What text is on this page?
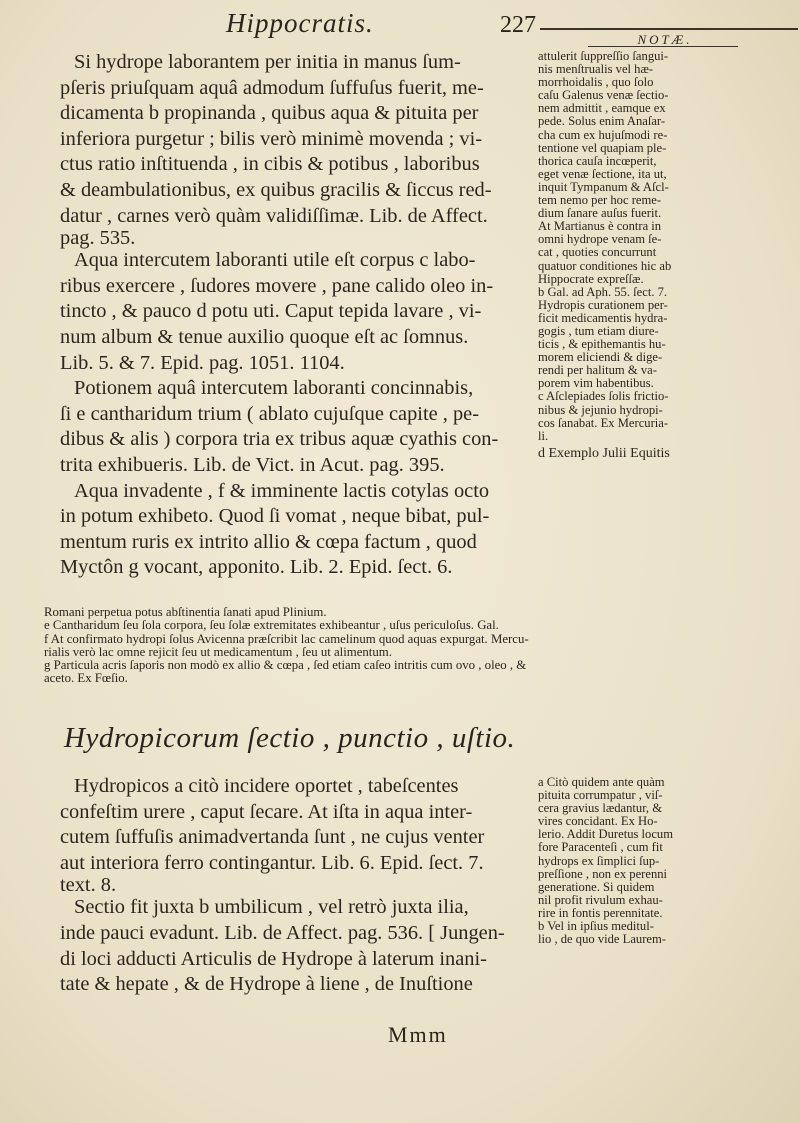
Hippocratis.	227
NOTÆ.
Si hydrope laborantem per initia in manus ſum-
pſeris priuſquam aquâ admodum ſuffuſus fuerit, me-
dicamenta b propinanda , quibus aqua & pituita per
inferiora purgetur ; bilis verò minimè movenda ; vi-
ctus ratio inſtituenda , in cibis & potibus , laboribus
& deambulationibus, ex quibus gracilis & ſiccus red-
datur , carnes verò quàm validiſſimæ. Lib. de Affect.
pag. 535.
Aqua intercutem laboranti utile eſt corpus c labo-
ribus exercere , ſudores movere , pane calido oleo in-
tincto , & pauco d potu uti. Caput tepida lavare , vi-
num album & tenue auxilio quoque eſt ac ſomnus.
Lib. 5. & 7. Epid. pag. 1051. 1104.
Potionem aquâ intercutem laboranti concinnabis,
ſi e cantharidum trium ( ablato cujuſque capite , pe-
dibus & alis ) corpora tria ex tribus aquæ cyathis con-
trita exhibueris. Lib. de Vict. in Acut. pag. 395.
Aqua invadente , f & imminente lactis cotylas octo
in potum exhibeto. Quod ſi vomat , neque bibat, pul-
mentum ruris ex intrito allio & cœpa factum , quod
Myctôn g vocant, apponito. Lib. 2. Epid. ſect. 6.
attulerit ſuppreſſio ſangui-
nis menſtrualis vel hæ-
morrhoidalis , quo ſolo
caſu Galenus venæ ſectio-
nem admittit , eamque ex
pede. Solus enim Anaſar-
cha cum ex hujuſmodi re-
tentione vel quapiam ple-
thorica cauſa incœperit,
eget venæ ſectione, ita ut,
inquit Tympanum & Aſcl-
tem nemo per hoc reme-
dium ſanare auſus fuerit.
At Martianus è contra in
omni hydrope venam ſe-
cat , quoties concurrunt
quatuor conditiones hic ab
Hippocrate expreſſæ.
b Gal. ad Aph. 55. ſect. 7.
Hydropis curationem per-
ficit medicamentis hydra-
gogis , tum etiam diure-
ticis , & epithemantis hu-
morem eliciendi & dige-
rendi per halitum & va-
porem vim habentibus.
c Aſclepiades ſolis frictio-
nibus & jejunio hydropi-
cos ſanabat. Ex Mercuria-
li.
d Exemplo Julii Equitis
Romani perpetua potus abſtinentia ſanati apud Plinium.
e Cantharidum ſeu ſola corpora, ſeu ſolæ extremitates exhibeantur , uſus periculoſus. Gal.
f At confirmato hydropi ſolus Avicenna præſcribit lac camelinum quod aquas expurgat. Mercu-
rialis verò lac omne rejicit ſeu ut medicamentum , ſeu ut alimentum.
g Particula acris ſaporis non modò ex allio & cœpa , ſed etiam caſeo intritis cum ovo , oleo , &
aceto. Ex Fœſio.
Hydropicorum ſectio , punctio , uſtio.
Hydropicos a citò incidere oportet , tabeſcentes
confeſtim urere , caput ſecare. At iſta in aqua inter-
cutem ſuffuſis animadvertanda ſunt , ne cujus venter
aut interiora ferro contingantur. Lib. 6. Epid. ſect. 7.
text. 8.
Sectio fit juxta b umbilicum , vel retrò juxta ilia,
inde pauci evadunt. Lib. de Affect. pag. 536. [ Jungen-
di loci adducti Articulis de Hydrope à laterum inani-
tate & hepate , & de Hydrope à liene , de Inuſtione
a Citò quidem ante quàm
pituita corrumpatur , viſ-
cera gravius lædantur, &
vires concidant. Ex Ho-
lerio. Addit Duretus locum
fore Paracenteſi , cum fit
hydrops ex ſimplici ſup-
preſſione , non ex perenni
generatione. Si quidem
nil profit rivulum exhau-
rire in fontis perennitate.
b Vel in ipſius meditul-
lio , de quo vide Laurem-
Mmm
